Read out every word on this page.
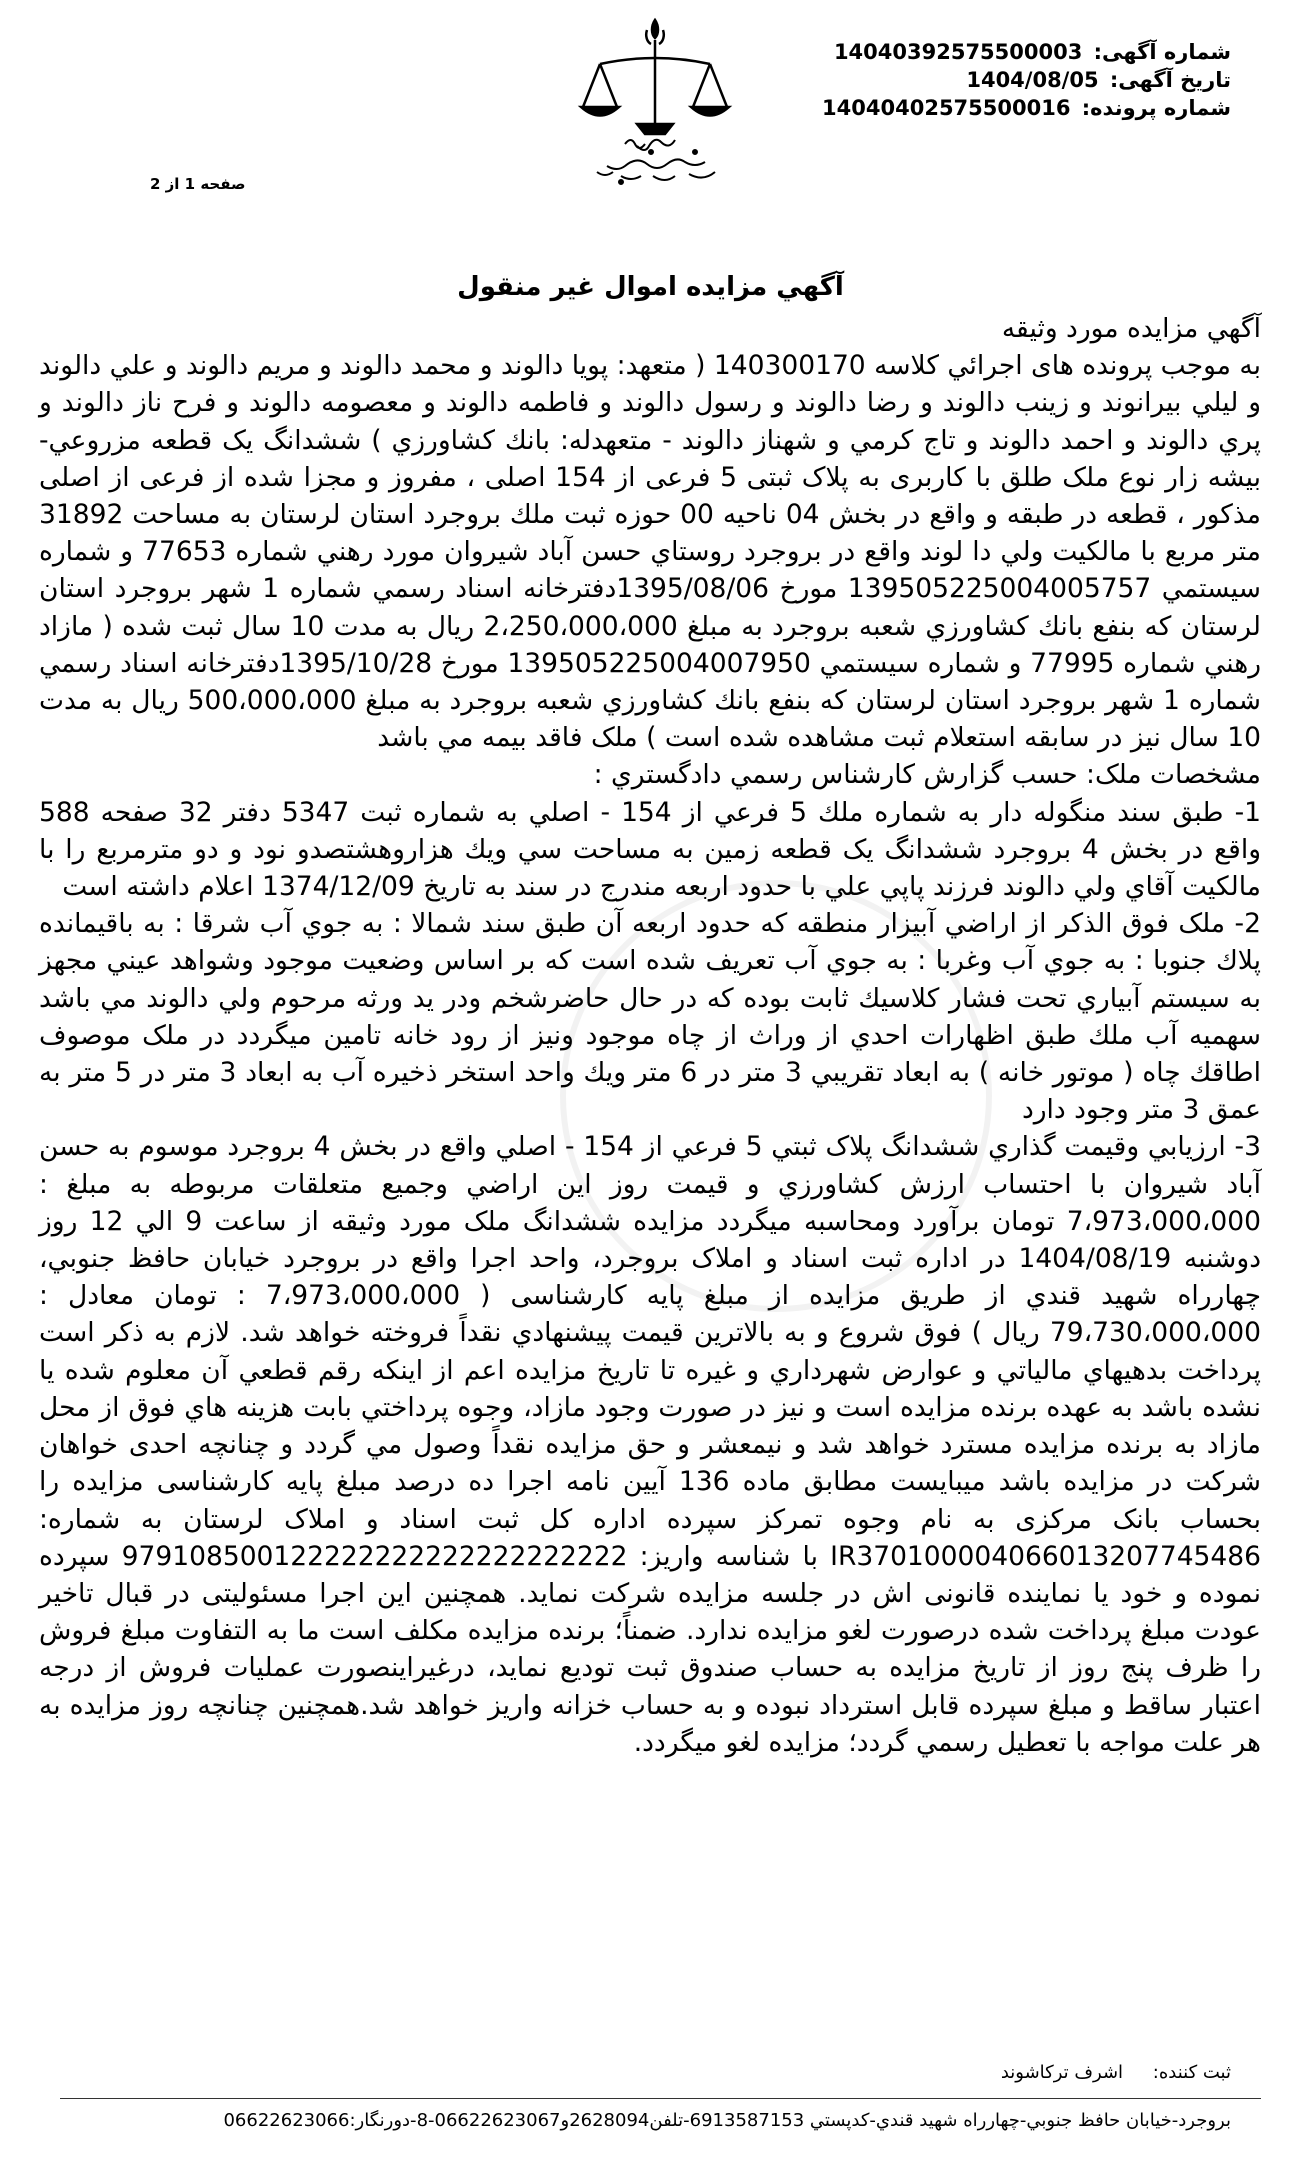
شماره آگهی: 14040392575500003
تاریخ آگهی: 1404/08/05
شماره پرونده: 14040402575500016
صفحه 1 از 2
آگهي مزايده اموال غير منقول

آگهي مزايده مورد وثيقه

به موجب پرونده های اجرائي كلاسه 140300170 ( متعهد: پويا دالوند و محمد دالوند و مريم دالوند و علي دالوند و ليلي بيرانوند و زينب دالوند و رضا دالوند و رسول دالوند و فاطمه دالوند و معصومه دالوند و فرح ناز دالوند و پري دالوند و احمد دالوند و تاج كرمي و شهناز دالوند - متعهدله: بانك كشاورزي ) ششدانگ يک قطعه مزروعي-بيشه زار نوع ملک طلق با کاربری به پلاک ثبتی 5 فرعی از 154 اصلی ، مفروز و مجزا شده از فرعی از اصلی مذكور ، قطعه در طبقه و واقع در بخش 04 ناحیه 00 حوزه ثبت ملك بروجرد استان لرستان به مساحت 31892 متر مربع با مالکیت ولي دا لوند واقع در بروجرد روستاي حسن آباد شيروان مورد رهني شماره 77653 و شماره سيستمي 139505225004005757 مورخ 1395/08/06دفترخانه اسناد رسمي شماره 1 شهر بروجرد استان لرستان كه بنفع بانك كشاورزي شعبه بروجرد به مبلغ 2،250،000،000 ريال به مدت 10 سال ثبت شده ( مازاد رهني شماره 77995 و شماره سيستمي 139505225004007950 مورخ 1395/10/28دفترخانه اسناد رسمي شماره 1 شهر بروجرد استان لرستان كه بنفع بانك كشاورزي شعبه بروجرد به مبلغ 500،000،000 ريال به مدت 10 سال نيز در سابقه استعلام ثبت مشاهده شده است ) ملک فاقد بيمه مي باشد

مشخصات ملک: حسب گزارش كارشناس رسمي دادگستري :

1- طبق سند منگوله دار به شماره ملك 5 فرعي از 154 - اصلي به شماره ثبت 5347 دفتر 32 صفحه 588 واقع در بخش 4 بروجرد ششدانگ يک قطعه زمين به مساحت سي ويك هزاروهشتصدو نود و دو مترمربع را با مالكيت آقاي ولي دالوند فرزند پاپي علي با حدود اربعه مندرج در سند به تاريخ 1374/12/09 اعلام داشته است

2- ملک فوق الذكر از اراضي آبيزار منطقه كه حدود اربعه آن طبق سند شمالا : به جوي آب شرقا : به باقيمانده پلاك جنوبا : به جوي آب وغربا : به جوي آب تعريف شده است كه بر اساس وضعيت موجود وشواهد عيني مجهز به سيستم آبياري تحت فشار كلاسيك ثابت بوده كه در حال حاضرشخم ودر يد ورثه مرحوم ولي دالوند مي باشد سهميه آب ملك طبق اظهارات احدي از وراث از چاه موجود ونيز از رود خانه تامين ميگردد در ملک موصوف اطاقك چاه ( موتور خانه ) به ابعاد تقريبي 3 متر در 6 متر ويك واحد استخر ذخيره آب به ابعاد 3 متر در 5 متر به عمق 3 متر وجود دارد

3- ارزيابي وقيمت گذاري ششدانگ پلاک ثبتي 5 فرعي از 154 - اصلي واقع در بخش 4 بروجرد موسوم به حسن آباد شيروان با احتساب ارزش كشاورزي و قيمت روز اين اراضي وجميع متعلقات مربوطه به مبلغ : 7،973،000،000 تومان برآورد ومحاسبه ميگردد مزايده ششدانگ ملک مورد وثيقه از ساعت 9 الي 12 روز دوشنبه 1404/08/19 در اداره ثبت اسناد و املاک بروجرد، واحد اجرا واقع در بروجرد خيابان حافظ جنوبي، چهارراه شهيد قندي از طريق مزايده از مبلغ پايه كارشناسی ( 7،973،000،000 : تومان معادل : 79،730،000،000 ريال ) فوق شروع و به بالاترين قيمت پيشنهادي نقداً فروخته خواهد شد. لازم به ذكر است پرداخت بدهيهاي مالياتي و عوارض شهرداري و غيره تا تاريخ مزايده اعم از اينكه رقم قطعي آن معلوم شده يا نشده باشد به عهده برنده مزايده است و نيز در صورت وجود مازاد، وجوه پرداختي بابت هزينه هاي فوق از محل مازاد به برنده مزايده مسترد خواهد شد و نيمعشر و حق مزايده نقداً وصول مي گردد و چنانچه احدی خواهان شركت در مزايده باشد ميبايست مطابق ماده 136 آيين نامه اجرا ده درصد مبلغ پايه كارشناسی مزايده را بحساب بانک مرکزی به نام وجوه تمرکز سپرده اداره کل ثبت اسناد و املاک لرستان به شماره: IR370100004066013207745486 با شناسه واريز: 979108500122222222222222222222 سپرده نموده و خود يا نماينده قانونی اش در جلسه مزايده شرکت نمايد. همچنين اين اجرا مسئوليتی در قبال تاخير عودت مبلغ پرداخت شده درصورت لغو مزايده ندارد. ضمناً؛ برنده مزايده مكلف است ما به التفاوت مبلغ فروش را ظرف پنج روز از تاريخ مزايده به حساب صندوق ثبت تودیع نمايد، درغيراينصورت عمليات فروش از درجه اعتبار ساقط و مبلغ سپرده قابل استرداد نبوده و به حساب خزانه واريز خواهد شد.همچنين چنانچه روز مزايده به هر علت مواجه با تعطيل رسمي گردد؛ مزايده لغو ميگردد.

ثبت کننده: اشرف تركاشوند
بروجرد-خيابان حافظ جنوبي-چهارراه شهيد قندي-كدپستي 6913587153-تلفن2628094و06622623067-8-دورنگار:06622623066
